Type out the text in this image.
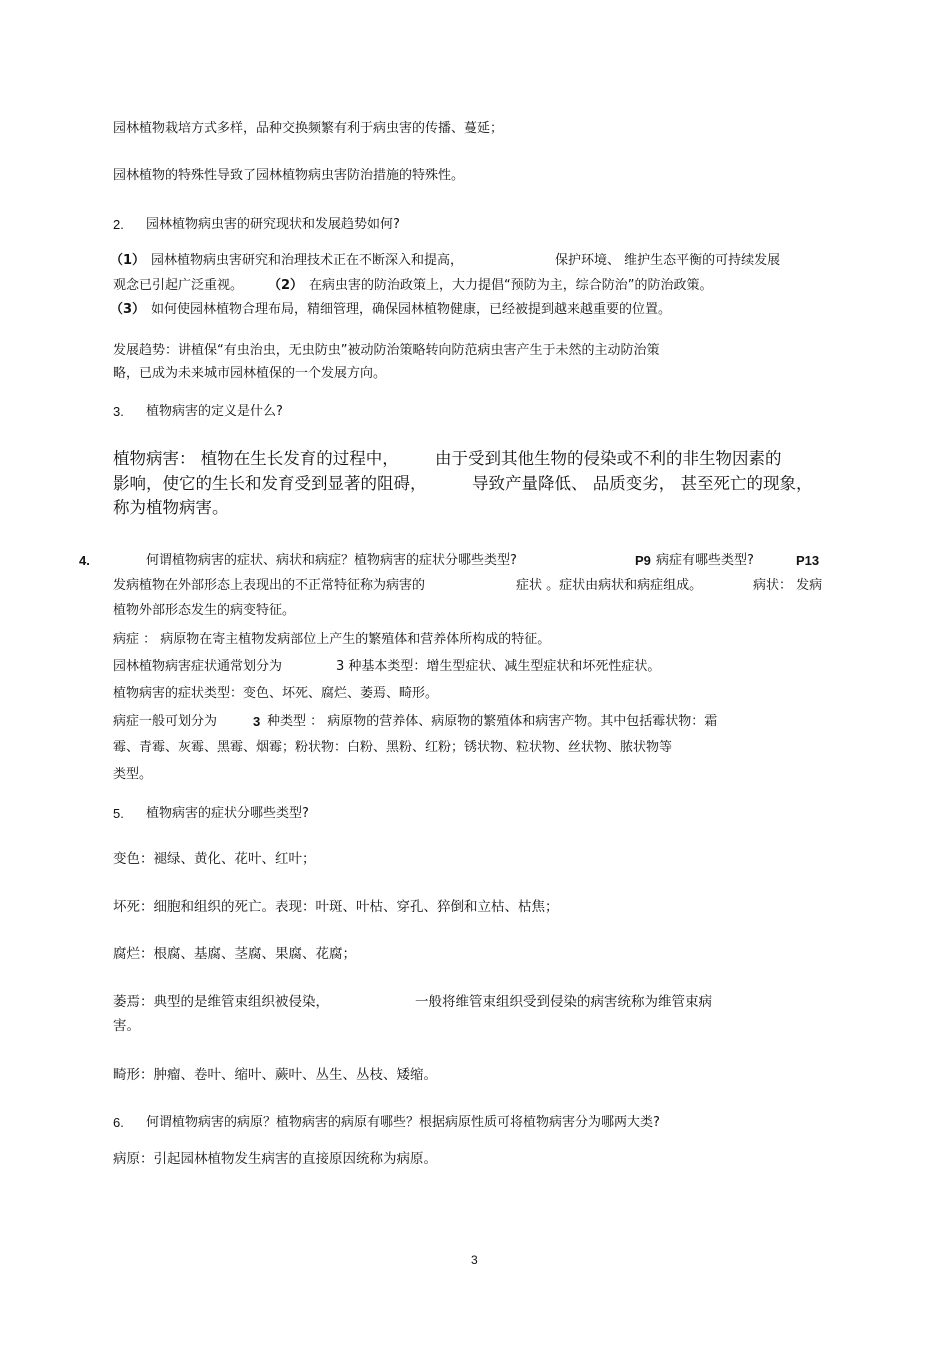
园林植物栽培方式多样，品种交换频繁有利于病虫害的传播、蔓延；
园林植物的特殊性导致了园林植物病虫害防治措施的特殊性。
2. 园林植物病虫害的研究现状和发展趋势如何?
（1） 园林植物病虫害研究和治理技术正在不断深入和提高，	保护环境、 维护生态平衡的可持续发展
观念已引起广泛重视。 （2） 在病虫害的防治政策上，大力提倡“预防为主，综合防治”的防治政策。
（3） 如何使园林植物合理布局，精细管理，确保园林植物健康，已经被提到越来越重要的位置。
发展趋势：讲植保“有虫治虫，无虫防虫”被动防治策略转向防范病虫害产生于未然的主动防治策
略，已成为未来城市园林植保的一个发展方向。
3. 植物病害的定义是什么?
植物病害： 植物在生长发育的过程中， 由于受到其他生物的侵染或不利的非生物因素的
影响，使它的生长和发育受到显著的阻碍，	导致产量降低、 品质变劣， 甚至死亡的现象，
称为植物病害。
4.	何谓植物病害的症状、病状和病症？植物病害的症状分哪些类型?	P9 病症有哪些类型?	P13
发病植物在外部形态上表现出的不正常特征称为病害的	症状 。症状由病状和病症组成。	病状： 发病
植物外部形态发生的病变特征。
病症 ： 病原物在寄主植物发病部位上产生的繁殖体和营养体所构成的特征。
园林植物病害症状通常划分为	3 种基本类型：增生型症状、减生型症状和坏死性症状。
植物病害的症状类型：变色、坏死、腐烂、萎焉、畸形。
病症一般可划分为	3 种类型 ： 病原物的营养体、病原物的繁殖体和病害产物。其中包括霉状物：霜
霉、青霉、灰霉、黑霉、烟霉；粉状物：白粉、黑粉、红粉；锈状物、粒状物、丝状物、脓状物等
类型。
5. 植物病害的症状分哪些类型?
变色：褪绿、黄化、花叶、红叶；
坏死：细胞和组织的死亡。表现：叶斑、叶枯、穿孔、猝倒和立枯、枯焦；
腐烂：根腐、基腐、茎腐、果腐、花腐；
萎焉：典型的是维管束组织被侵染，	一般将维管束组织受到侵染的病害统称为维管束病
害。
畸形：肿瘤、卷叶、缩叶、蕨叶、丛生、丛枝、矮缩。
6. 何谓植物病害的病原？植物病害的病原有哪些？根据病原性质可将植物病害分为哪两大类?
病原：引起园林植物发生病害的直接原因统称为病原。
3
